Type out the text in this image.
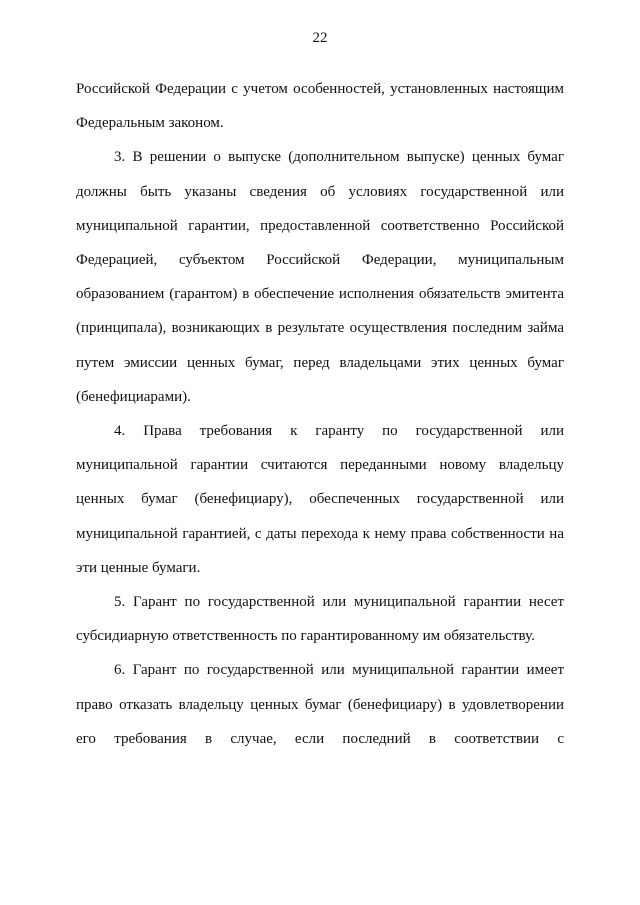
22

Российской Федерации с учетом особенностей, установленных настоящим Федеральным законом.

3. В решении о выпуске (дополнительном выпуске) ценных бумаг должны быть указаны сведения об условиях государственной или муниципальной гарантии, предоставленной соответственно Российской Федерацией, субъектом Российской Федерации, муниципальным образованием (гарантом) в обеспечение исполнения обязательств эмитента (принципала), возникающих в результате осуществления последним займа путем эмиссии ценных бумаг, перед владельцами этих ценных бумаг (бенефициарами).

4. Права требования к гаранту по государственной или муниципальной гарантии считаются переданными новому владельцу ценных бумаг (бенефициару), обеспеченных государственной или муниципальной гарантией, с даты перехода к нему права собственности на эти ценные бумаги.

5. Гарант по государственной или муниципальной гарантии несет субсидиарную ответственность по гарантированному им обязательству.

6. Гарант по государственной или муниципальной гарантии имеет право отказать владельцу ценных бумаг (бенефициару) в удовлетворении его требования в случае, если последний в соответствии с
